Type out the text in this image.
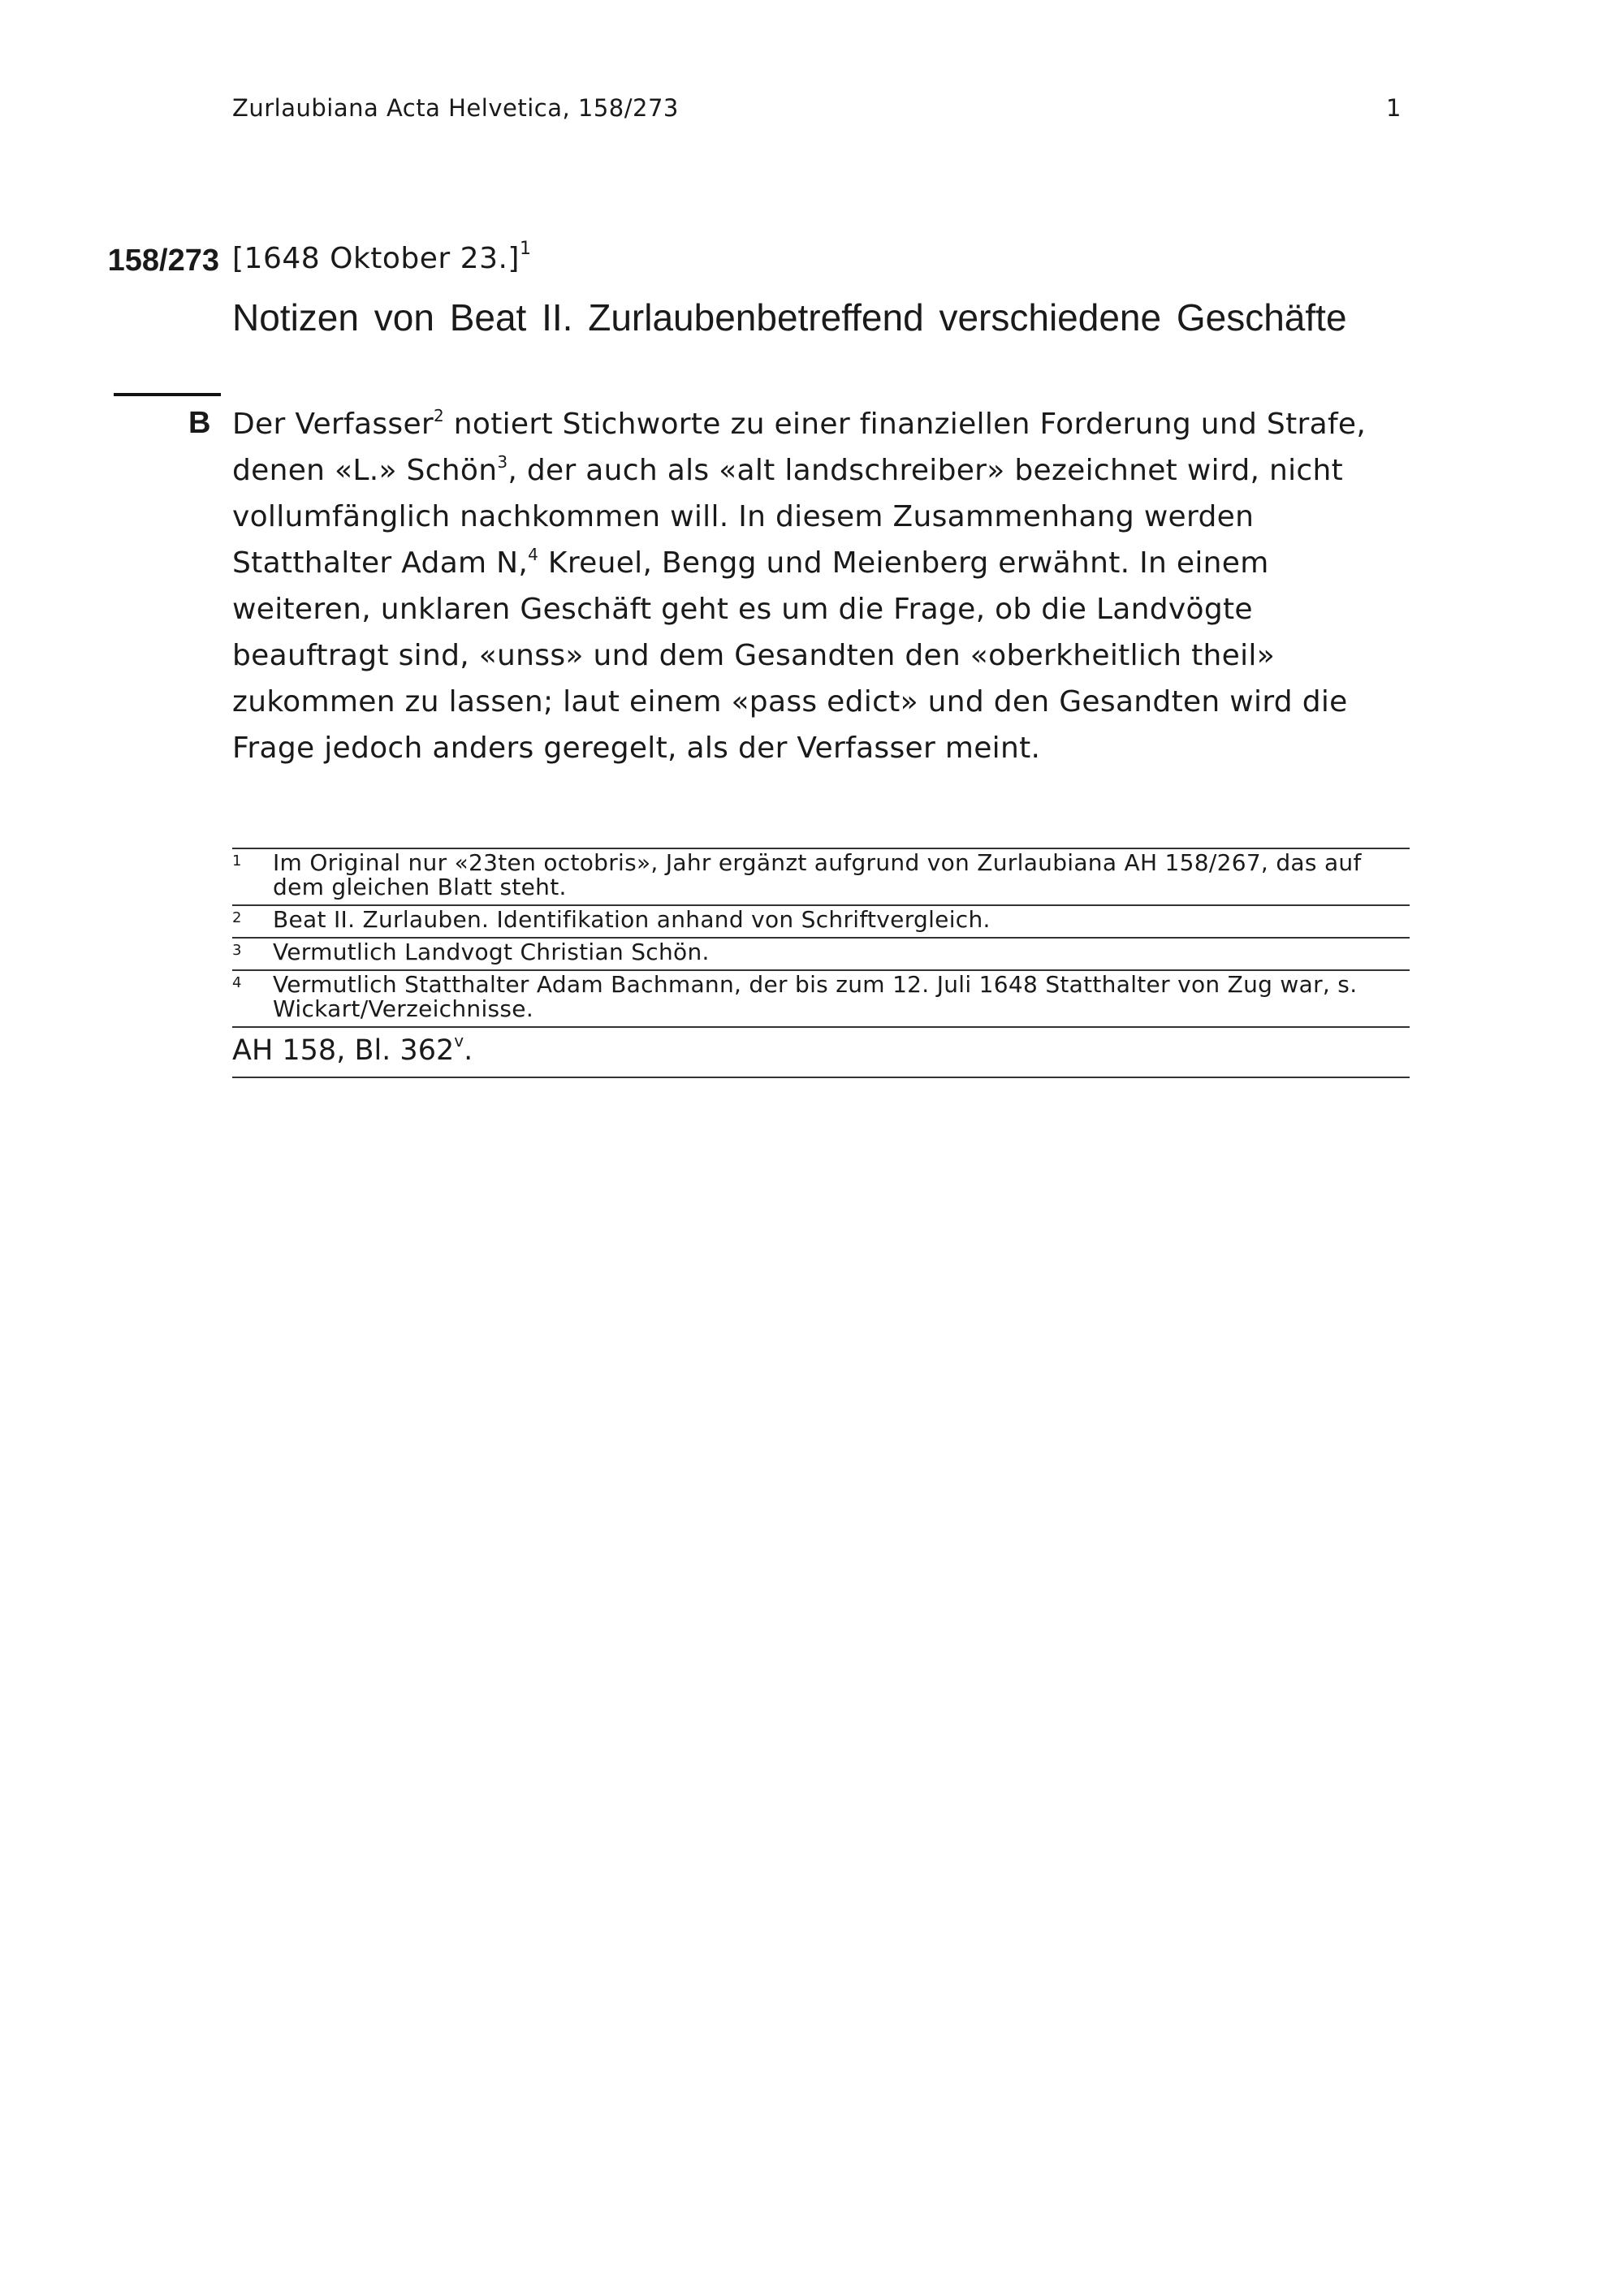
Zurlaubiana Acta Helvetica, 158/273	1
158/273 [1648 Oktober 23.]$^1$
Notizen von Beat II. Zurlaubenbetreffend verschiedene Geschäfte
B Der Verfasser$^2$ notiert Stichworte zu einer finanziellen Forderung und Strafe, denen «L.» Schön$^3$, der auch als «alt landschreiber» bezeichnet wird, nicht vollumfänglich nachkommen will. In diesem Zusammenhang werden Statthalter Adam N,$^4$ Kreuel, Bengg und Meienberg erwähnt. In einem weiteren, unklaren Geschäft geht es um die Frage, ob die Landvögte beauftragt sind, «unss» und dem Gesandten den «oberkheitlich theil» zukommen zu lassen; laut einem «pass edict» und den Gesandten wird die Frage jedoch anders geregelt, als der Verfasser meint.

1 Im Original nur «23ten octobris», Jahr ergänzt aufgrund von Zurlaubiana AH 158/267, das auf dem gleichen Blatt steht.
2 Beat II. Zurlauben. Identifikation anhand von Schriftvergleich.
3 Vermutlich Landvogt Christian Schön.
4 Vermutlich Statthalter Adam Bachmann, der bis zum 12. Juli 1648 Statthalter von Zug war, s. Wickart/Verzeichnisse.
AH 158, Bl. 362$^v$.
